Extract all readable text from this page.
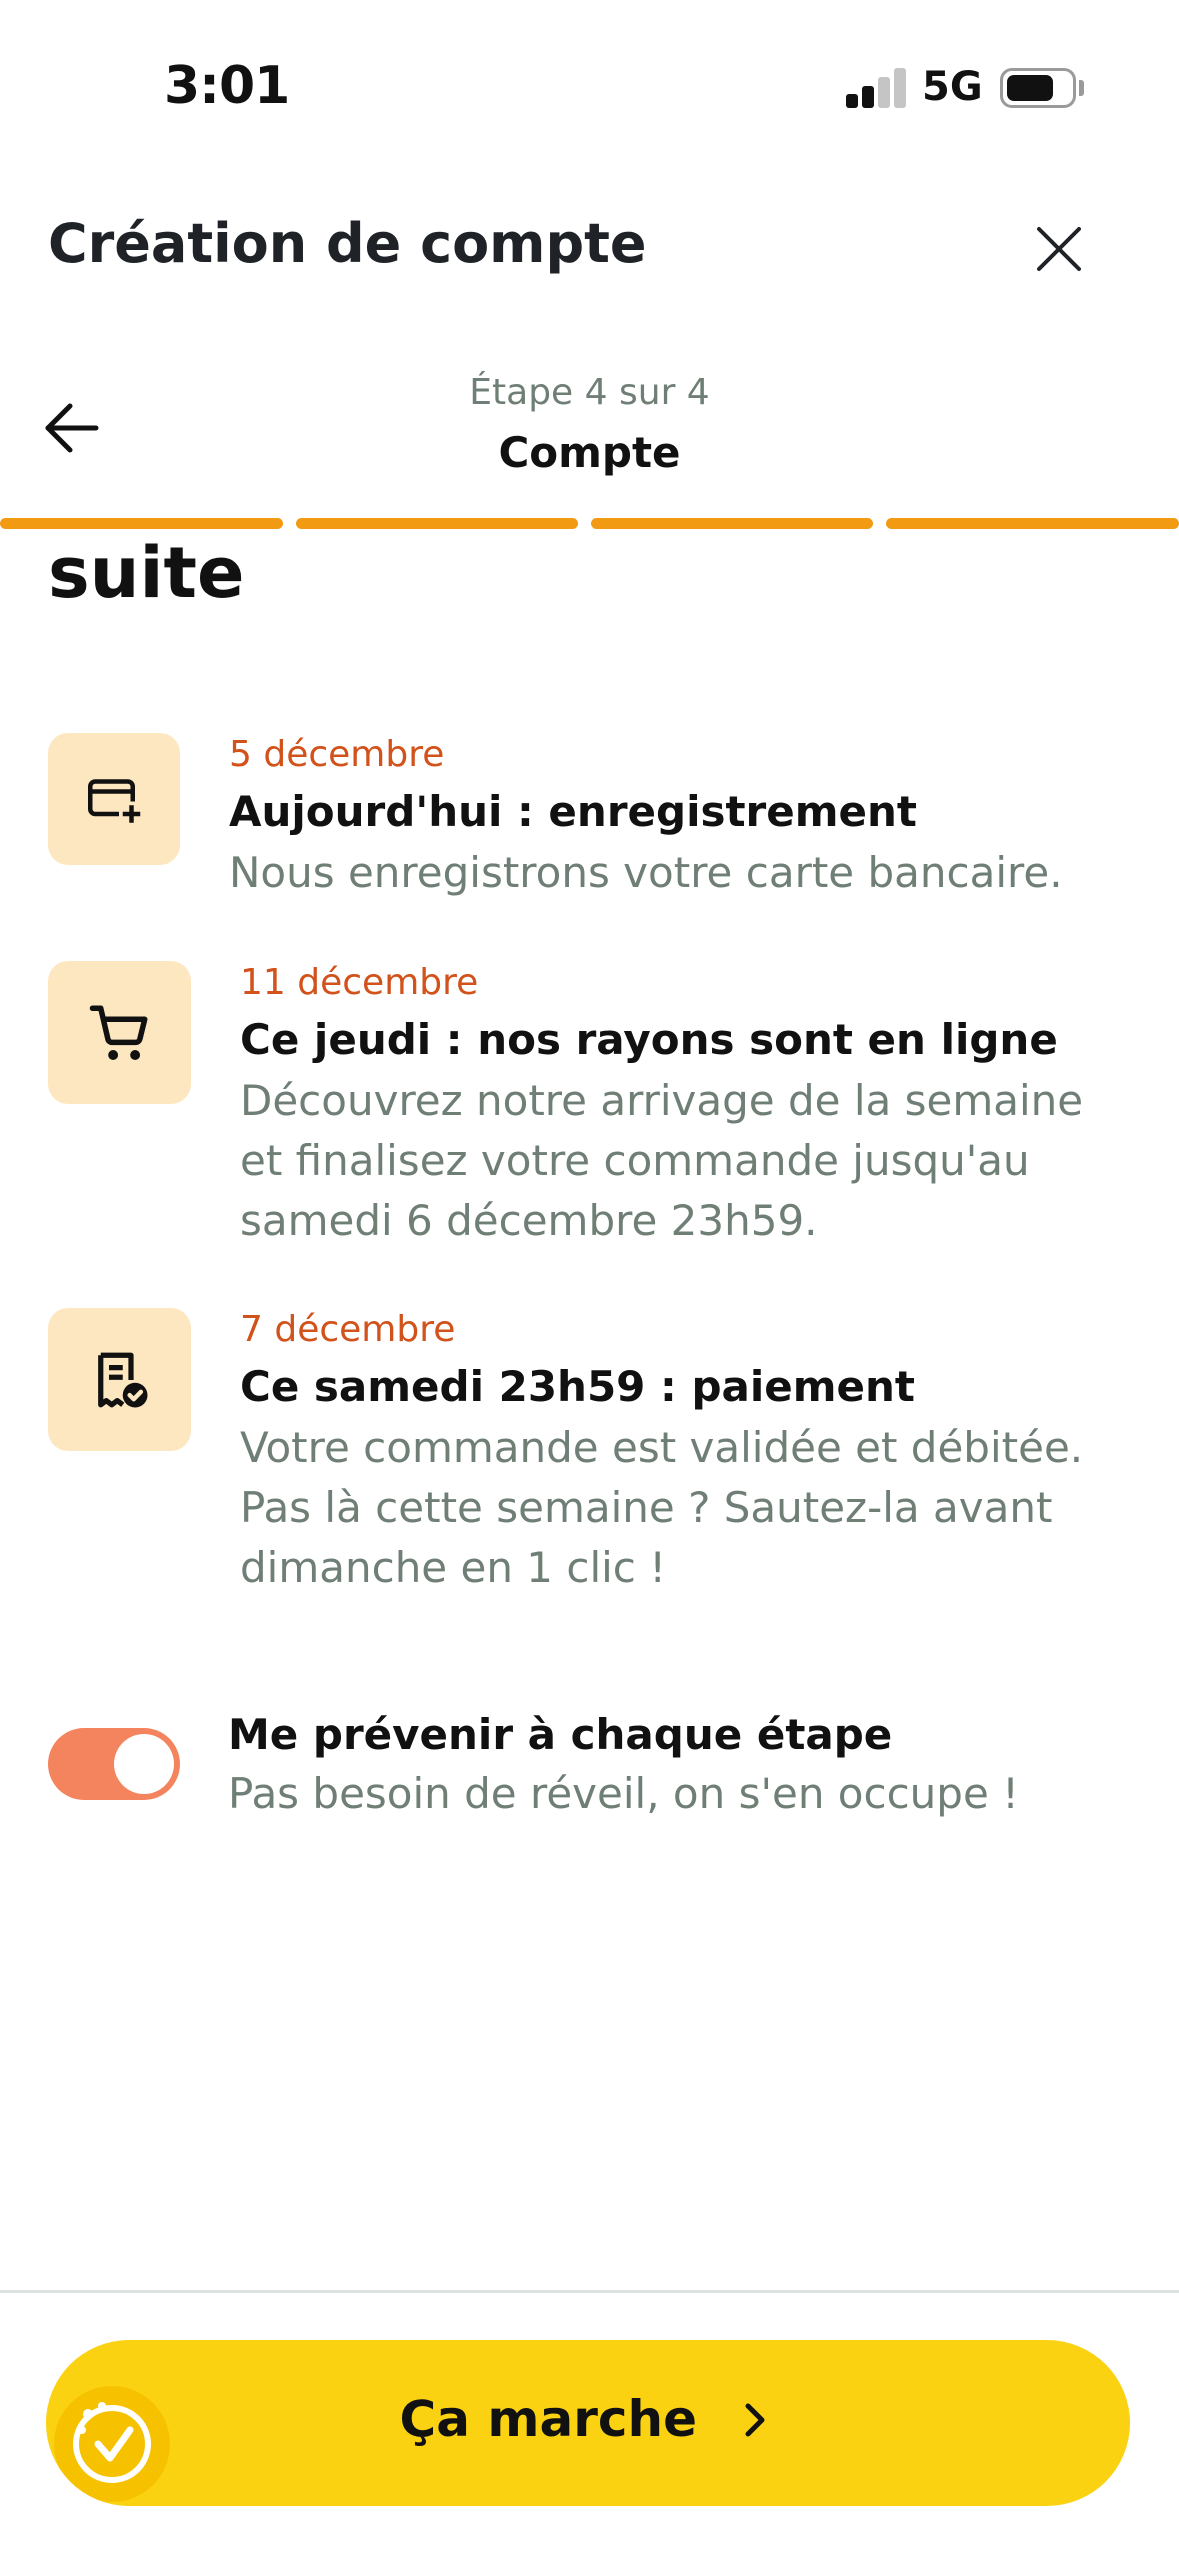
3:01	5G
Création de compte
Étape 4 sur 4
Compte
suite
5 décembre
Aujourd'hui : enregistrement
Nous enregistrons votre carte bancaire.
11 décembre
Ce jeudi : nos rayons sont en ligne
Découvrez notre arrivage de la semaine
et finalisez votre commande jusqu'au
samedi 6 décembre 23h59.
7 décembre
Ce samedi 23h59 : paiement
Votre commande est validée et débitée.
Pas là cette semaine ? Sautez-la avant
dimanche en 1 clic !
Me prévenir à chaque étape
Pas besoin de réveil, on s'en occupe !
Ça marche
